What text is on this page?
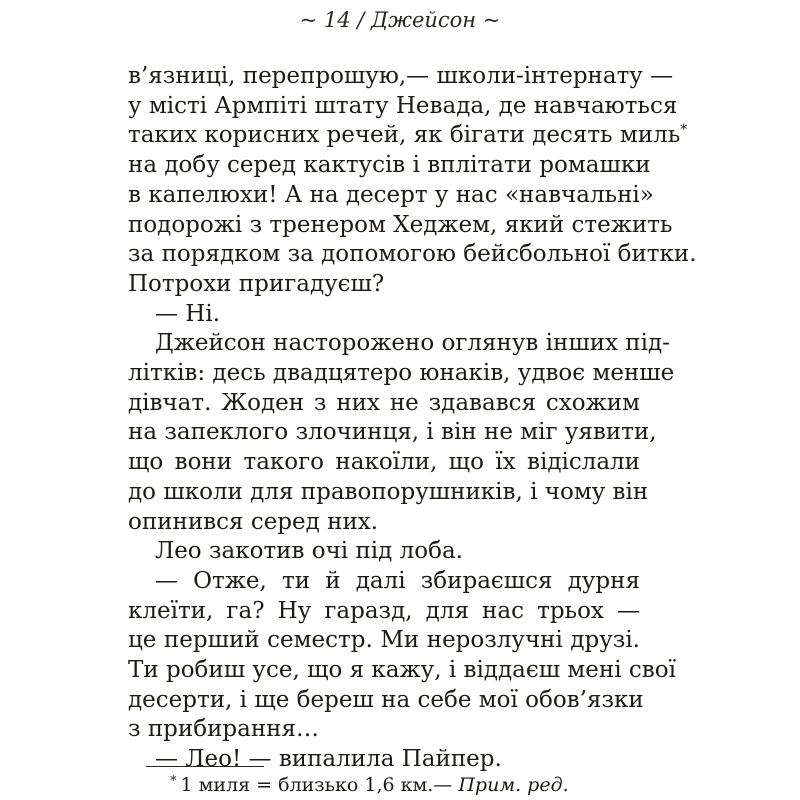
~ 14 / Джейсон ~
в’язниці, перепрошую,— школи-інтернату —
у місті Армпіті штату Невада, де навчаються
таких корисних речей, як бігати десять миль*
на добу серед кактусів і вплітати ромашки
в капелюхи! А на десерт у нас «навчальні»
подорожі з тренером Хеджем, який стежить
за порядком за допомогою бейсбольної битки.
Потрохи пригадуєш?
— Ні.
Джейсон насторожено оглянув інших під-
літків: десь двадцятеро юнаків, удвоє менше
дівчат. Жоден з них не здавався схожим
на запеклого злочинця, і він не міг уявити,
що вони такого накоїли, що їх відіслали
до школи для правопорушників, і чому він
опинився серед них.
Лео закотив очі під лоба.
— Отже, ти й далі збираєшся дурня
клеїти, га? Ну гаразд, для нас трьох —
це перший семестр. Ми нерозлучні друзі.
Ти робиш усе, що я кажу, і віддаєш мені свої
десерти, і ще береш на себе мої обов’язки
з прибирання…
— Лео! — випалила Пайпер.
* 1 миля = близько 1,6 км.— Прим. ред.
